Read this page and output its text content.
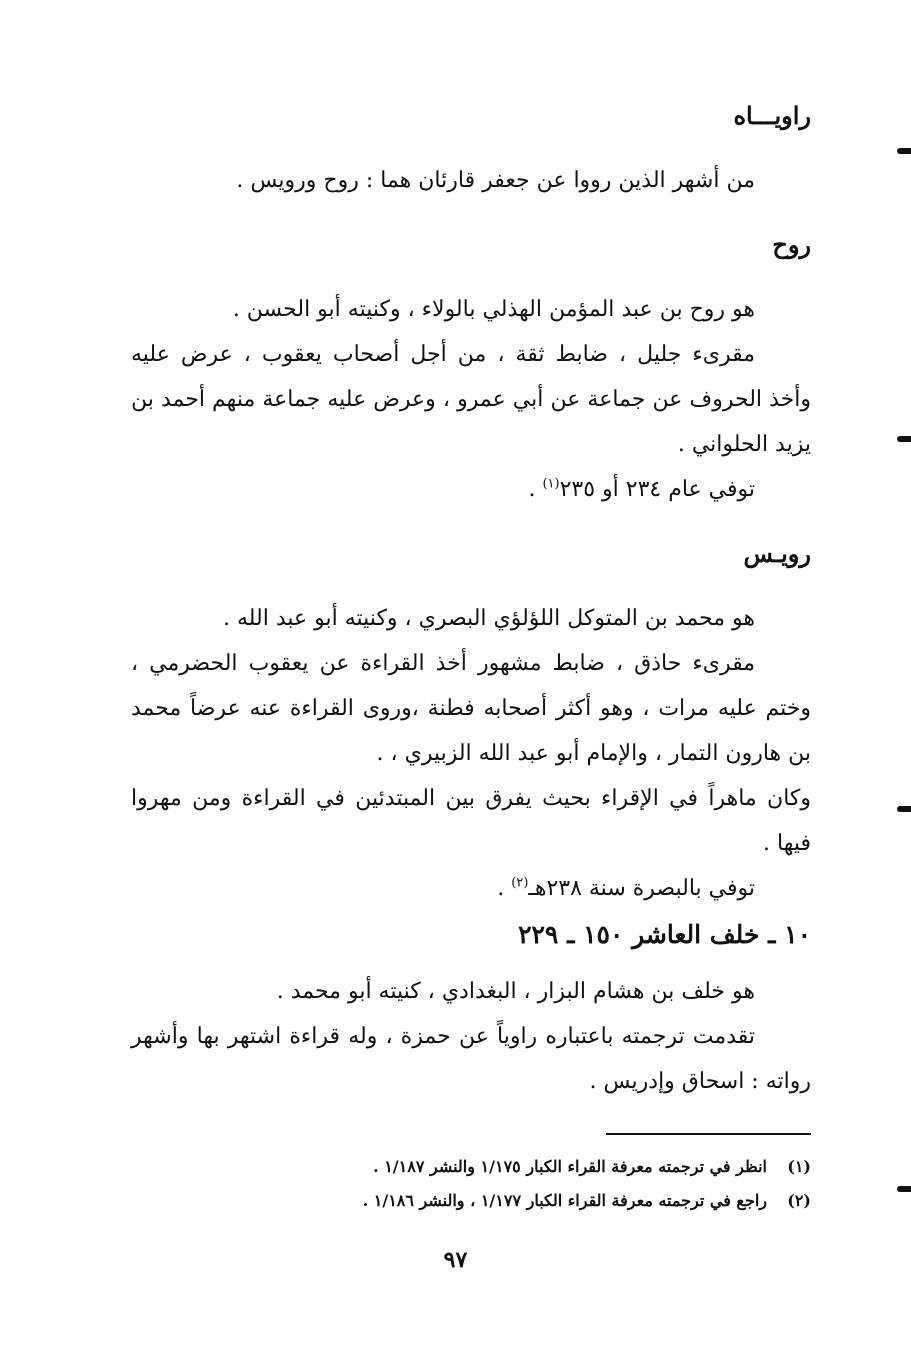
راويـــاه

من أشهر الذين رووا عن جعفر قارئان هما : روح ورويس .

روح

هو روح بن عبد المؤمن الهذلي بالولاء ، وكنيته أبو الحسن .

مقرىء جليل ، ضابط ثقة ، من أجل أصحاب يعقوب ، عرض عليه وأخذ الحروف عن جماعة عن أبي عمرو ، وعرض عليه جماعة منهم أحمد بن يزيد الحلواني .

توفي عام ٢٣٤ أو ٢٣٥$^{(١)}$ .

رويـس

هو محمد بن المتوكل اللؤلؤي البصري ، وكنيته أبو عبد الله .

مقرىء حاذق ، ضابط مشهور أخذ القراءة عن يعقوب الحضرمي ، وختم عليه مرات ، وهو أكثر أصحابه فطنة ،وروى القراءة عنه عرضاً محمد بن هارون التمار ، والإمام أبو عبد الله الزبيري ، .

وكان ماهراً في الإقراء بحيث يفرق بين المبتدئين في القراءة ومن مهروا فيها .

توفي بالبصرة سنة ٢٣٨هـ$^{(٢)}$ .

١٠ ـ خلف العاشر ١٥٠ ـ ٢٢٩

هو خلف بن هشام البزار ، البغدادي ، كنيته أبو محمد .

تقدمت ترجمته باعتباره راوياً عن حمزة ، وله قراءة اشتهر بها وأشهر رواته : اسحاق وإدريس .

(١)انظر في ترجمته معرفة القراء الكبار ١/١٧٥ والنشر ١/١٨٧ .
(٢)راجع في ترجمته معرفة القراء الكبار ١/١٧٧ ، والنشر ١/١٨٦ .
٩٧
